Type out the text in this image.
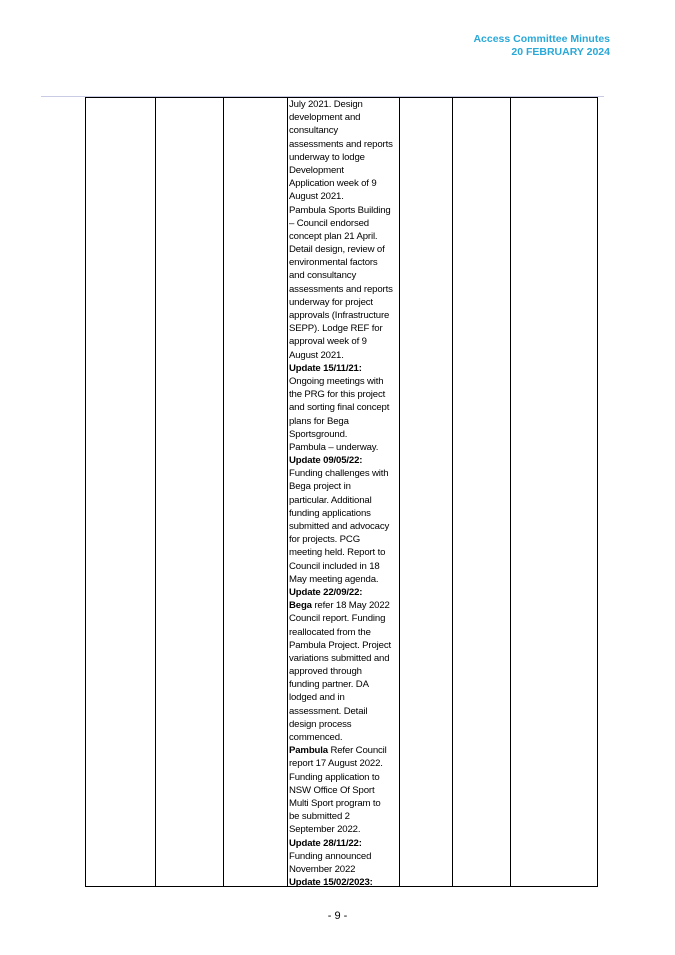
Access Committee Minutes
20 FEBRUARY 2024
July 2021. Design
development and
consultancy
assessments and reports
underway to lodge
Development
Application week of 9
August 2021.
Pambula Sports Building
– Council endorsed
concept plan 21 April.
Detail design, review of
environmental factors
and consultancy
assessments and reports
underway for project
approvals (Infrastructure
SEPP). Lodge REF for
approval week of 9
August 2021.
Update 15/11/21:
Ongoing meetings with
the PRG for this project
and sorting final concept
plans for Bega
Sportsground.
Pambula – underway.
Update 09/05/22:
Funding challenges with
Bega project in
particular. Additional
funding applications
submitted and advocacy
for projects. PCG
meeting held. Report to
Council included in 18
May meeting agenda.
Update 22/09/22:
Bega refer 18 May 2022
Council report. Funding
reallocated from the
Pambula Project. Project
variations submitted and
approved through
funding partner. DA
lodged and in
assessment. Detail
design process
commenced.
Pambula Refer Council
report 17 August 2022.
Funding application to
NSW Office Of Sport
Multi Sport program to
be submitted 2
September 2022.
Update 28/11/22:
Funding announced
November 2022
Update 15/02/2023:
- 9 -
